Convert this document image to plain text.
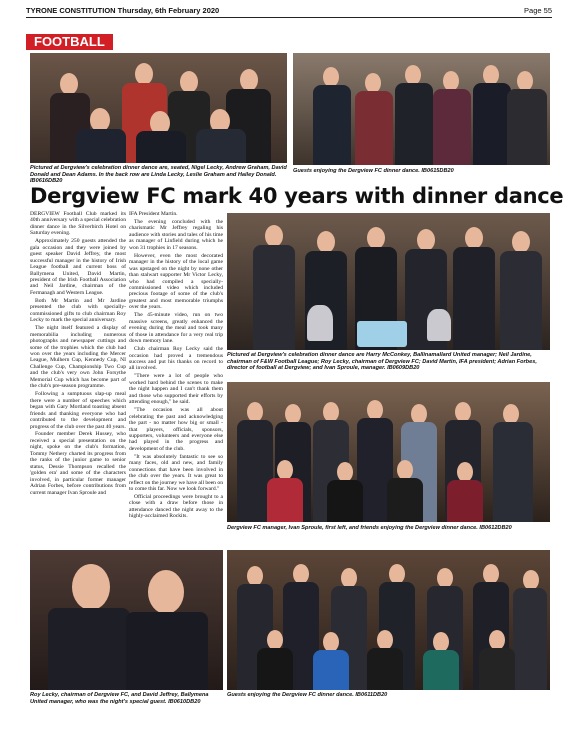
TYRONE CONSTITUTION Thursday, 6th February 2020	Page 55
FOOTBALL
Pictured at Dergview's celebration dinner dance are, seated, Nigel Lecky, Andrew Graham, David Donald and Dean Adams. In the back row are Linda Lecky, Leslie Graham and Hailey Donald. IB0616DB20
Guests enjoying the Dergview FC dinner dance. IB0615DB20
Dergview FC mark 40 years with dinner dance

DERGVIEW Football Club marked its 40th anniversary with a special celebration dinner dance in the Silverbirch Hotel on Saturday evening.

Approximately 250 guests attended the gala occasion and they were joined by guest speaker David Jeffrey, the most successful manager in the history of Irish League football and current boss of Ballymena United, David Martin, president of the Irish Football Association and Neil Jardine, chairman of the Fermanagh and Western League.

Both Mr Martin and Mr Jardine presented the club with specially-commissioned gifts to club chairman Roy Lecky to mark the special anniversary.

The night itself featured a display of memorabilia including numerous photographs and newspaper cuttings and some of the trophies which the club had won over the years including the Mercer League, Mulhern Cup, Kennedy Cup, NI Challenge Cup, Championship Two Cup and the club's very own John Forsythe Memorial Cup which has become part of the club's pre-season programme.

Following a sumptuous slap-up meal there were a number of speeches which began with Gary Mortland toasting absent friends and thanking everyone who had contributed to the development and progress of the club over the past 40 years.

Founder member Derek Hussey, who received a special presentation on the night, spoke on the club's formation, Tommy Nethery charted its progress from the ranks of the junior game to senior status, Dessie Thompson recalled the 'golden era' and some of the characters involved, in particular former manager Adrian Forbes, before contributions from current manager Ivan Sproule and

IFA President Martin.

The evening concluded with the charismatic Mr Jeffrey regaling his audience with stories and tales of his time as manager of Linfield during which he won 31 trophies in 17 seasons.

However, even the most decorated manager in the history of the local game was upstaged on the night by none other than stalwart supporter Mr Victor Lecky, who had compiled a specially-commissioned video which included precious footage of some of the club's greatest and most memorable triumphs over the years.

The 45-minute video, run on two massive screens, greatly enhanced the evening during the meal and took many of those in attendance for a very real trip down memory lane.

Club chairman Roy Lecky said the occasion had proved a tremendous success and put his thanks on record to all involved.

"There were a lot of people who worked hard behind the scenes to make the night happen and I can't thank them and those who supported their efforts by attending enough," he said.

"The occasion was all about celebrating the past and acknowledging the part - no matter how big or small - that players, officials, sponsors, supporters, volunteers and everyone else had played in the progress and development of the club.

"It was absolutely fantastic to see so many faces, old and new, and family connections that have been involved in the club over the years. It was great to reflect on the journey we have all been on to come this far. Now we look forward."

Official proceedings were brought to a close with a draw before those in attendance danced the night away to the highly-acclaimed Rockits.

Pictured at Dergview's celebration dinner dance are Harry McConkey, Ballinamallard United manager; Neil Jardine, chairman of F&W Football League; Roy Lecky, chairman of Dergview FC; David Martin, IFA president; Adrian Forbes, director of football at Dergview; and Ivan Sproule, manager. IB0609DB20
Dergview FC manager, Ivan Sproule, first left, and friends enjoying the Dergview dinner dance. IB0612DB20
Roy Lecky, chairman of Dergview FC, and David Jeffrey, Ballymena United manager, who was the night's special guest. IB0610DB20
Guests enjoying the Dergview FC dinner dance. IB0611DB20
